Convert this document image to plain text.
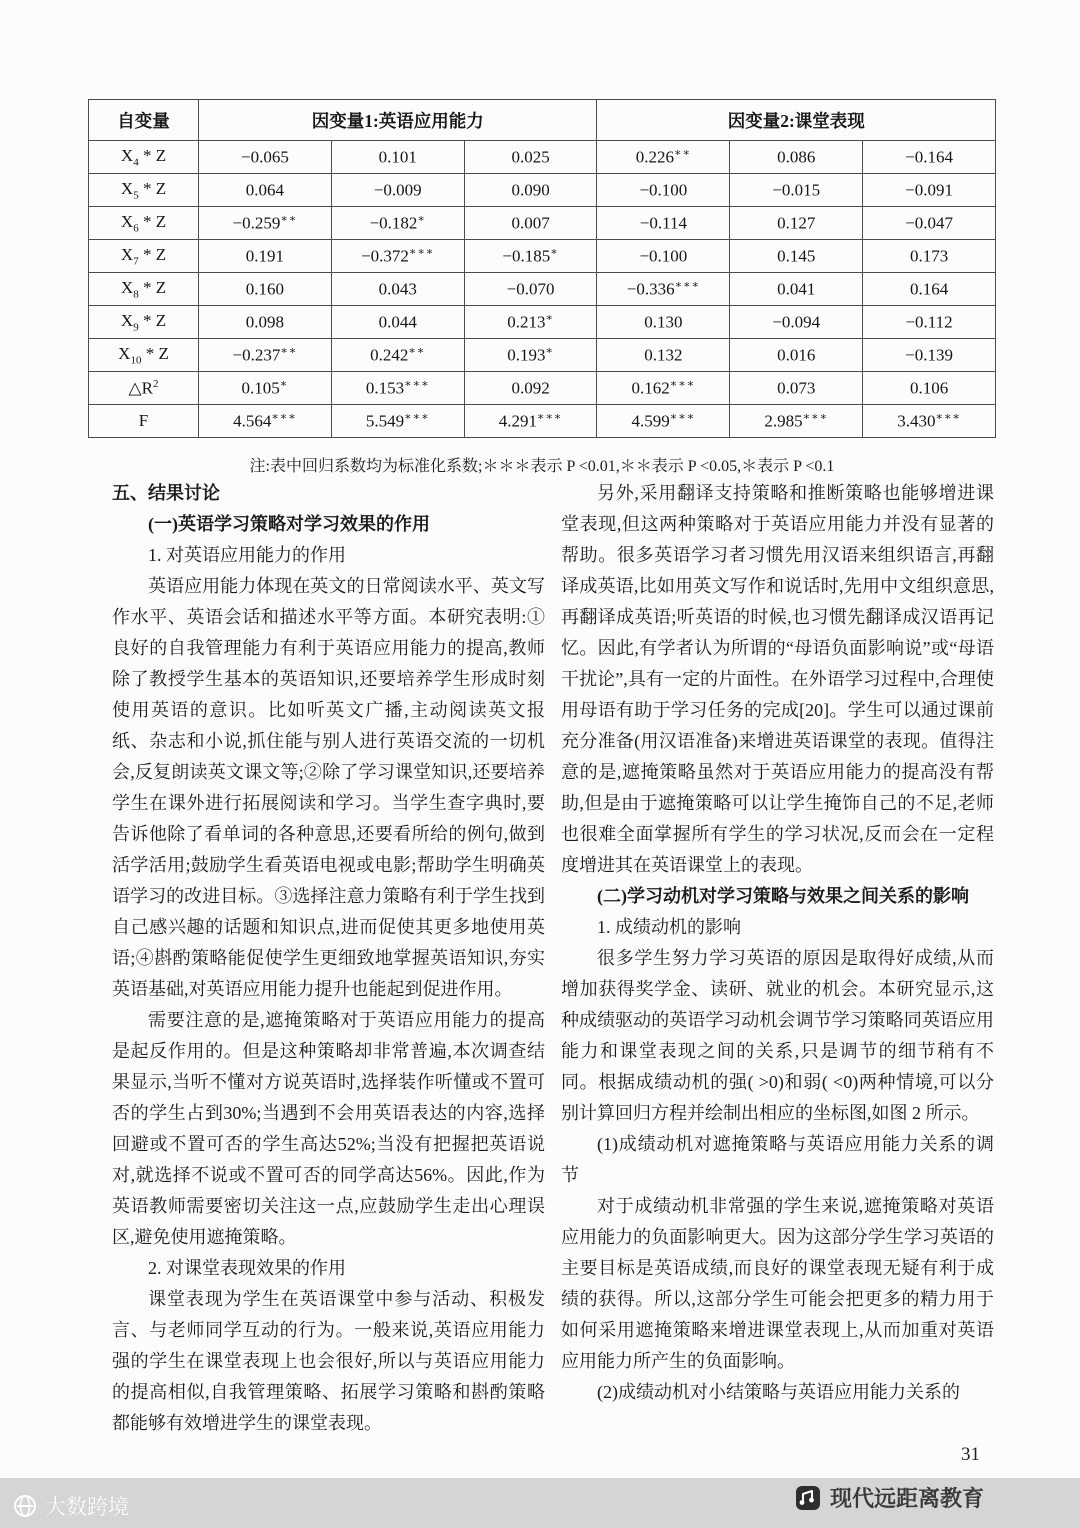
自变量	因变量1:英语应用能力			因变量2:课堂表现		
$X_4$ * Z	−0.065	0.101	0.025	0.226∗∗	0.086	−0.164
$X_5$ * Z	0.064	−0.009	0.090	−0.100	−0.015	−0.091
$X_6$ * Z	−0.259∗∗	−0.182∗	0.007	−0.114	0.127	−0.047
$X_7$ * Z	0.191	−0.372∗∗∗	−0.185∗	−0.100	0.145	0.173
$X_8$ * Z	0.160	0.043	−0.070	−0.336∗∗∗	0.041	0.164
$X_9$ * Z	0.098	0.044	0.213∗	0.130	−0.094	−0.112
$X_{10}$ * Z	−0.237∗∗	0.242∗∗	0.193∗	0.132	0.016	−0.139
$\triangle R^2$	0.105∗	0.153∗∗∗	0.092	0.162∗∗∗	0.073	0.106
F	4.564∗∗∗	5.549∗∗∗	4.291∗∗∗	4.599∗∗∗	2.985∗∗∗	3.430∗∗∗
注:表中回归系数均为标准化系数;＊＊＊表示 P <0.01,＊＊表示 P <0.05,＊表示 P <0.1

五、结果讨论

(一)英语学习策略对学习效果的作用

1. 对英语应用能力的作用

英语应用能力体现在英文的日常阅读水平、英文写作水平、英语会话和描述水平等方面。本研究表明:①良好的自我管理能力有利于英语应用能力的提高,教师除了教授学生基本的英语知识,还要培养学生形成时刻使用英语的意识。比如听英文广播,主动阅读英文报纸、杂志和小说,抓住能与别人进行英语交流的一切机会,反复朗读英文课文等;②除了学习课堂知识,还要培养学生在课外进行拓展阅读和学习。当学生查字典时,要告诉他除了看单词的各种意思,还要看所给的例句,做到活学活用;鼓励学生看英语电视或电影;帮助学生明确英语学习的改进目标。③选择注意力策略有利于学生找到自己感兴趣的话题和知识点,进而促使其更多地使用英语;④斟酌策略能促使学生更细致地掌握英语知识,夯实英语基础,对英语应用能力提升也能起到促进作用。

需要注意的是,遮掩策略对于英语应用能力的提高是起反作用的。但是这种策略却非常普遍,本次调查结果显示,当听不懂对方说英语时,选择装作听懂或不置可否的学生占到30%;当遇到不会用英语表达的内容,选择回避或不置可否的学生高达52%;当没有把握把英语说对,就选择不说或不置可否的同学高达56%。因此,作为英语教师需要密切关注这一点,应鼓励学生走出心理误区,避免使用遮掩策略。

2. 对课堂表现效果的作用

课堂表现为学生在英语课堂中参与活动、积极发言、与老师同学互动的行为。一般来说,英语应用能力强的学生在课堂表现上也会很好,所以与英语应用能力的提高相似,自我管理策略、拓展学习策略和斟酌策略都能够有效增进学生的课堂表现。

另外,采用翻译支持策略和推断策略也能够增进课堂表现,但这两种策略对于英语应用能力并没有显著的帮助。很多英语学习者习惯先用汉语来组织语言,再翻译成英语,比如用英文写作和说话时,先用中文组织意思,再翻译成英语;听英语的时候,也习惯先翻译成汉语再记忆。因此,有学者认为所谓的“母语负面影响说”或“母语干扰论”,具有一定的片面性。在外语学习过程中,合理使用母语有助于学习任务的完成[20]。学生可以通过课前充分准备(用汉语准备)来增进英语课堂的表现。值得注意的是,遮掩策略虽然对于英语应用能力的提高没有帮助,但是由于遮掩策略可以让学生掩饰自己的不足,老师也很难全面掌握所有学生的学习状况,反而会在一定程度增进其在英语课堂上的表现。

(二)学习动机对学习策略与效果之间关系的影响

1. 成绩动机的影响

很多学生努力学习英语的原因是取得好成绩,从而增加获得奖学金、读研、就业的机会。本研究显示,这种成绩驱动的英语学习动机会调节学习策略同英语应用能力和课堂表现之间的关系,只是调节的细节稍有不同。根据成绩动机的强( >0)和弱( <0)两种情境,可以分别计算回归方程并绘制出相应的坐标图,如图 2 所示。

(1)成绩动机对遮掩策略与英语应用能力关系的调节

对于成绩动机非常强的学生来说,遮掩策略对英语应用能力的负面影响更大。因为这部分学生学习英语的主要目标是英语成绩,而良好的课堂表现无疑有利于成绩的获得。所以,这部分学生可能会把更多的精力用于如何采用遮掩策略来增进课堂表现上,从而加重对英语应用能力所产生的负面影响。

(2)成绩动机对小结策略与英语应用能力关系的

31
大数跨境	现代远距离教育
